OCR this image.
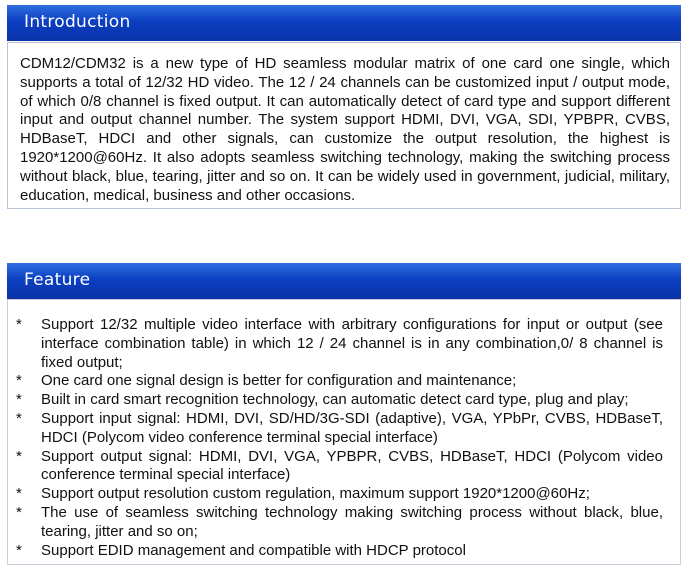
Introduction

CDM12/CDM32 is a new type of HD seamless modular matrix of one card one single, which supports a total of 12/32 HD video. The 12 / 24 channels can be customized input / output mode, of which 0/8 channel is fixed output. It can automatically detect of card type and support different input and output channel number. The system support HDMI, DVI, VGA, SDI, YPBPR, CVBS, HDBaseT, HDCI and other signals, can customize the output resolution, the highest is 1920*1200@60Hz. It also adopts seamless switching technology, making the switching process without black, blue, tearing, jitter and so on. It can be widely used in government, judicial, military, education, medical, business and other occasions.

Feature
*	Support 12/32 multiple video interface with arbitrary configurations for input or output (see interface combination table) in which 12 / 24 channel is in any combination,0/ 8 channel is fixed output;
*	One card one signal design is better for configuration and maintenance;
*	Built in card smart recognition technology, can automatic detect card type, plug and play;
*	Support input signal: HDMI, DVI, SD/HD/3G-SDI (adaptive), VGA, YPbPr, CVBS, HDBaseT, HDCI (Polycom video conference terminal special interface)
*	Support output signal: HDMI, DVI, VGA, YPBPR, CVBS, HDBaseT, HDCI (Polycom video conference terminal special interface)
*	Support output resolution custom regulation, maximum support 1920*1200@60Hz;
*	The use of seamless switching technology making switching process without black, blue, tearing, jitter and so on;
*	Support EDID management and compatible with HDCP protocol
